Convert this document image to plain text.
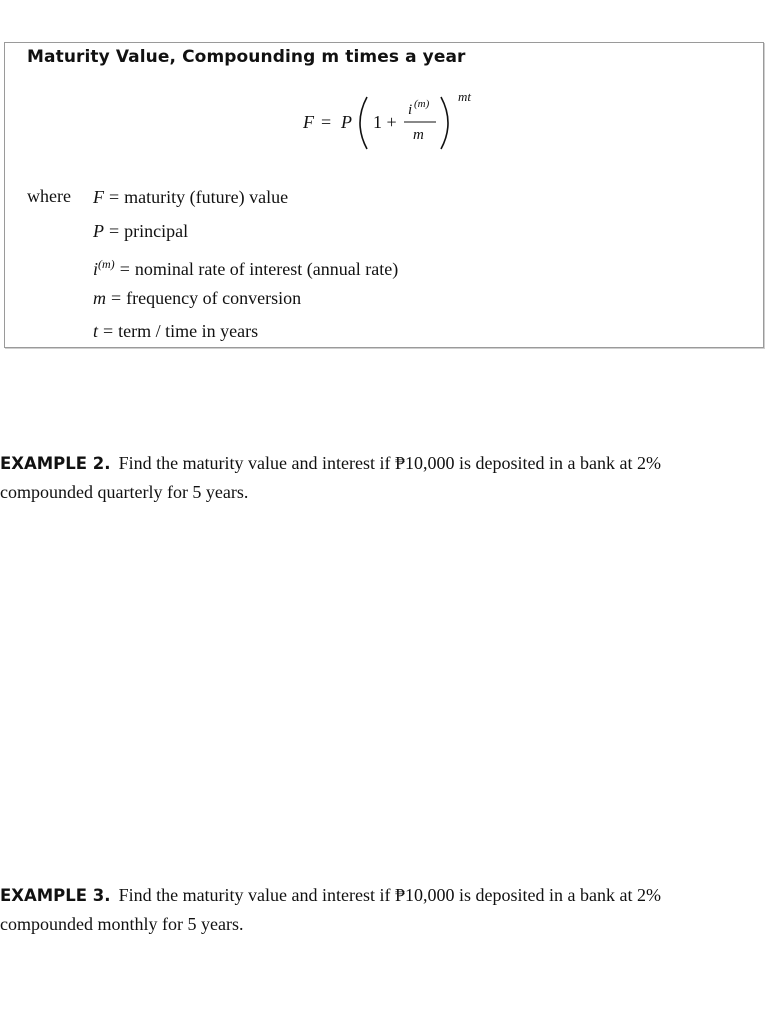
Maturity Value, Compounding m times a year
F = P 1 +
i (m)
m
mt
where F = maturity (future) value
P = principal
$i^{(m)}$ = nominal rate of interest (annual rate)
m = frequency of conversion
t = term / time in years
EXAMPLE 2. Find the maturity value and interest if ₱10,000 is deposited in a bank at 2%
compounded quarterly for 5 years.
EXAMPLE 3. Find the maturity value and interest if ₱10,000 is deposited in a bank at 2%
compounded monthly for 5 years.
